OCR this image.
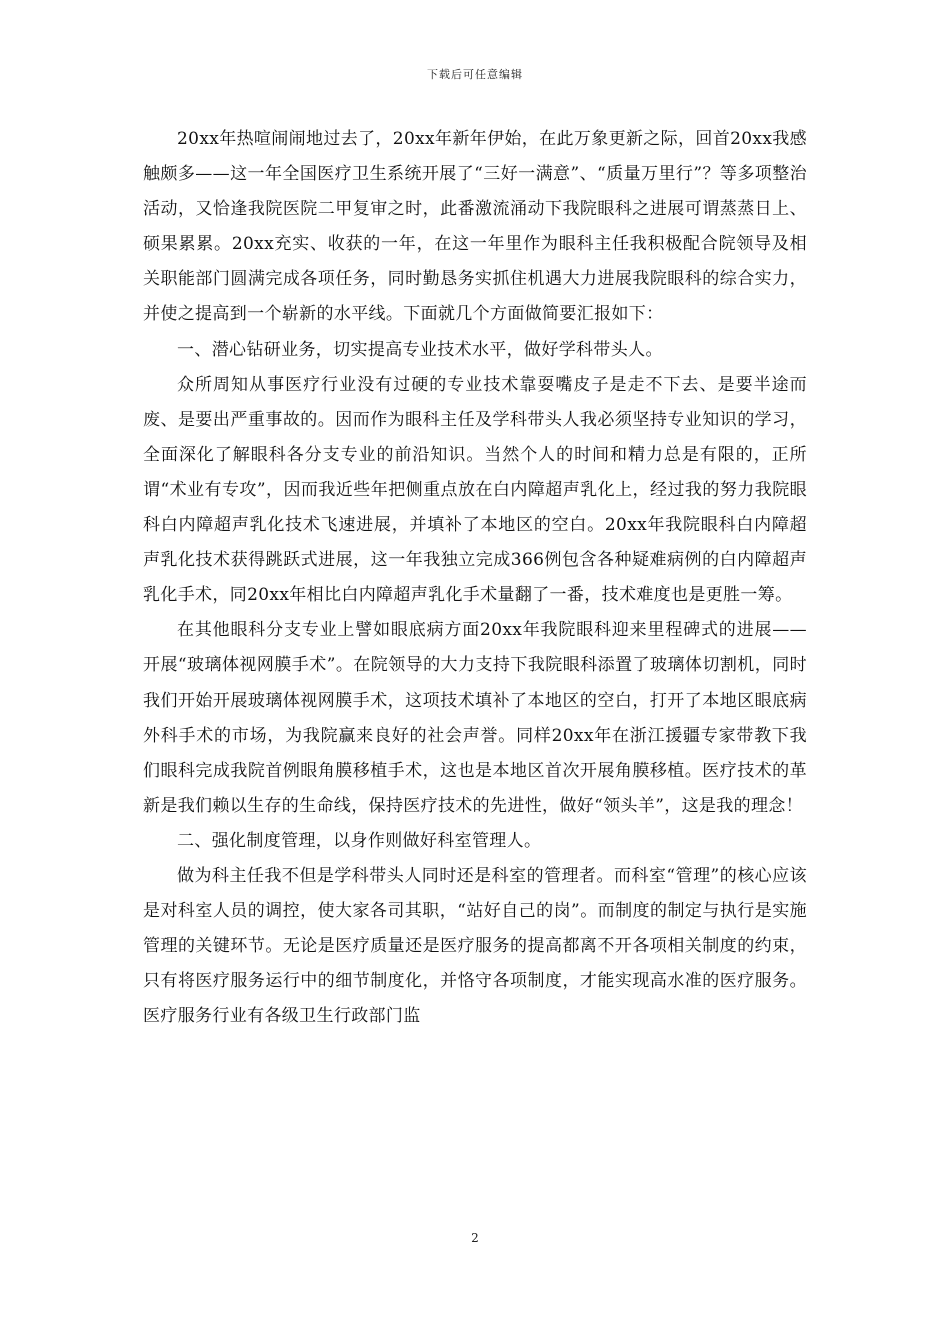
下载后可任意编辑

20xx年热喧闹闹地过去了，20xx年新年伊始，在此万象更新之际，回首20xx我感触颇多——这一年全国医疗卫生系统开展了“三好一满意”、“质量万里行”？等多项整治活动，又恰逢我院医院二甲复审之时，此番激流涌动下我院眼科之进展可谓蒸蒸日上、硕果累累。20xx充实、收获的一年，在这一年里作为眼科主任我积极配合院领导及相关职能部门圆满完成各项任务，同时勤恳务实抓住机遇大力进展我院眼科的综合实力，并使之提高到一个崭新的水平线。下面就几个方面做简要汇报如下：

一、潜心钻研业务，切实提高专业技术水平，做好学科带头人。

众所周知从事医疗行业没有过硬的专业技术靠耍嘴皮子是走不下去、是要半途而废、是要出严重事故的。因而作为眼科主任及学科带头人我必须坚持专业知识的学习，全面深化了解眼科各分支专业的前沿知识。当然个人的时间和精力总是有限的，正所谓“术业有专攻”，因而我近些年把侧重点放在白内障超声乳化上，经过我的努力我院眼科白内障超声乳化技术飞速进展，并填补了本地区的空白。20xx年我院眼科白内障超声乳化技术获得跳跃式进展，这一年我独立完成366例包含各种疑难病例的白内障超声乳化手术，同20xx年相比白内障超声乳化手术量翻了一番，技术难度也是更胜一筹。

在其他眼科分支专业上譬如眼底病方面20xx年我院眼科迎来里程碑式的进展——开展“玻璃体视网膜手术”。在院领导的大力支持下我院眼科添置了玻璃体切割机，同时我们开始开展玻璃体视网膜手术，这项技术填补了本地区的空白，打开了本地区眼底病外科手术的市场，为我院赢来良好的社会声誉。同样20xx年在浙江援疆专家带教下我们眼科完成我院首例眼角膜移植手术，这也是本地区首次开展角膜移植。医疗技术的革新是我们赖以生存的生命线，保持医疗技术的先进性，做好“领头羊”，这是我的理念！

二、强化制度管理，以身作则做好科室管理人。

做为科主任我不但是学科带头人同时还是科室的管理者。而科室“管理”的核心应该是对科室人员的调控，使大家各司其职，“站好自己的岗”。而制度的制定与执行是实施管理的关键环节。无论是医疗质量还是医疗服务的提高都离不开各项相关制度的约束，只有将医疗服务运行中的细节制度化，并恪守各项制度，才能实现高水准的医疗服务。医疗服务行业有各级卫生行政部门监

2
